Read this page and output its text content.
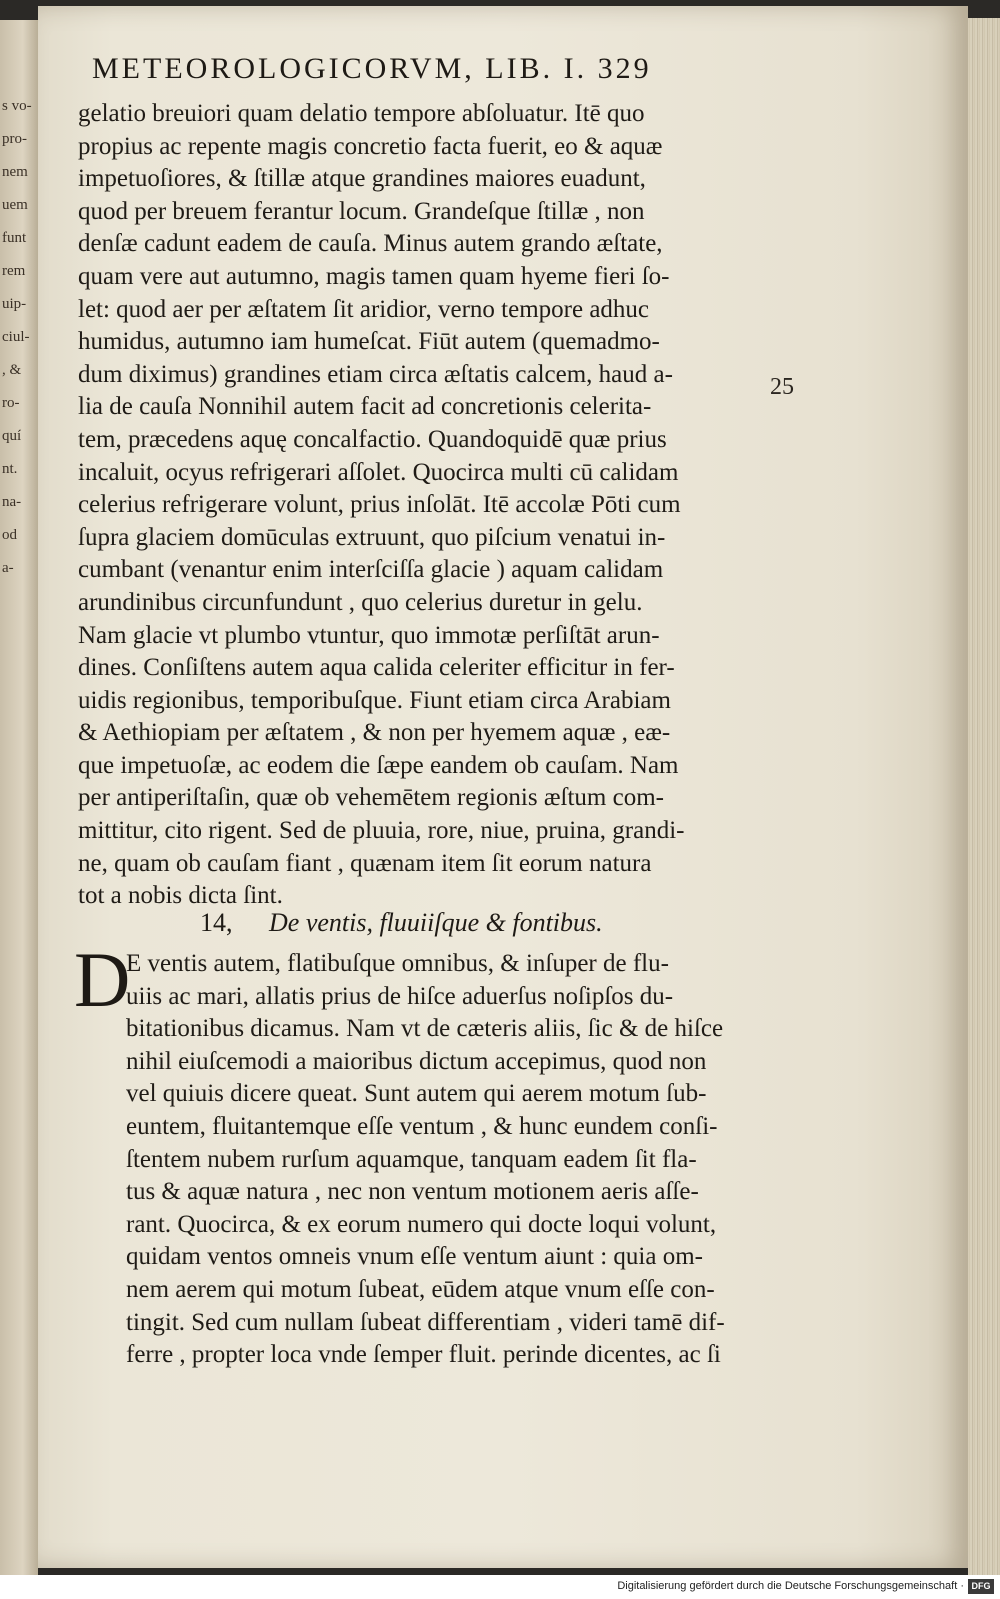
s vo-
pro-
nem
uem
funt
rem
uip-
ciul-
, &
ro-
quí
nt.
na-
od
a-
METEOROLOGICORVM, LIB. I. 329
gelatio breuiori quam delatio tempore abſoluatur. Itē quo
propius ac repente magis concretio facta fuerit, eo & aquæ
impetuoſiores, & ſtillæ atque grandines maiores euadunt,
quod per breuem ferantur locum. Grandeſque ſtillæ , non
denſæ cadunt eadem de cauſa. Minus autem grando æſtate,
quam vere aut autumno, magis tamen quam hyeme fieri ſo-
let: quod aer per æſtatem ſit aridior, verno tempore adhuc
humidus, autumno iam humeſcat. Fiūt autem (quemadmo-
dum diximus) grandines etiam circa æſtatis calcem, haud a-
lia de cauſa Nonnihil autem facit ad concretionis celerita-
tem, præcedens aquę concalfactio. Quandoquidē quæ prius
incaluit, ocyus refrigerari aſſolet. Quocirca multi cū calidam
celerius refrigerare volunt, prius inſolāt. Itē accolæ Pōti cum
ſupra glaciem domūculas extruunt, quo piſcium venatui in-
cumbant (venantur enim interſciſſa glacie ) aquam calidam
arundinibus circunfundunt , quo celerius duretur in gelu.
Nam glacie vt plumbo vtuntur, quo immotæ perſiſtāt arun-
dines. Conſiſtens autem aqua calida celeriter efficitur in fer-
uidis regionibus, temporibuſque. Fiunt etiam circa Arabiam
& Aethiopiam per æſtatem , & non per hyemem aquæ , eæ-
que impetuoſæ, ac eodem die ſæpe eandem ob cauſam. Nam
per antiperiſtaſin, quæ ob vehemētem regionis æſtum com-
mittitur, cito rigent. Sed de pluuia, rore, niue, pruina, grandi-
ne, quam ob cauſam fiant , quænam item ſit eorum natura
tot a nobis dicta ſint.
25
14, De ventis, fluuiiſque & fontibus.
D
E ventis autem, flatibuſque omnibus, & inſuper de flu-
uiis ac mari, allatis prius de hiſce aduerſus noſipſos du-
bitationibus dicamus. Nam vt de cæteris aliis, ſic & de hiſce
nihil eiuſcemodi a maioribus dictum accepimus, quod non
vel quiuis dicere queat. Sunt autem qui aerem motum ſub-
euntem, fluitantemque eſſe ventum , & hunc eundem conſi-
ſtentem nubem rurſum aquamque, tanquam eadem ſit fla-
tus & aquæ natura , nec non ventum motionem aeris aſſe-
rant. Quocirca, & ex eorum numero qui docte loqui volunt,
quidam ventos omneis vnum eſſe ventum aiunt : quia om-
nem aerem qui motum ſubeat, eūdem atque vnum eſſe con-
tingit. Sed cum nullam ſubeat differentiam , videri tamē dif-
ferre , propter loca vnde ſemper fluit. perinde dicentes, ac ſi
Digitalisierung gefördert durch die Deutsche Forschungsgemeinschaft · DFG
